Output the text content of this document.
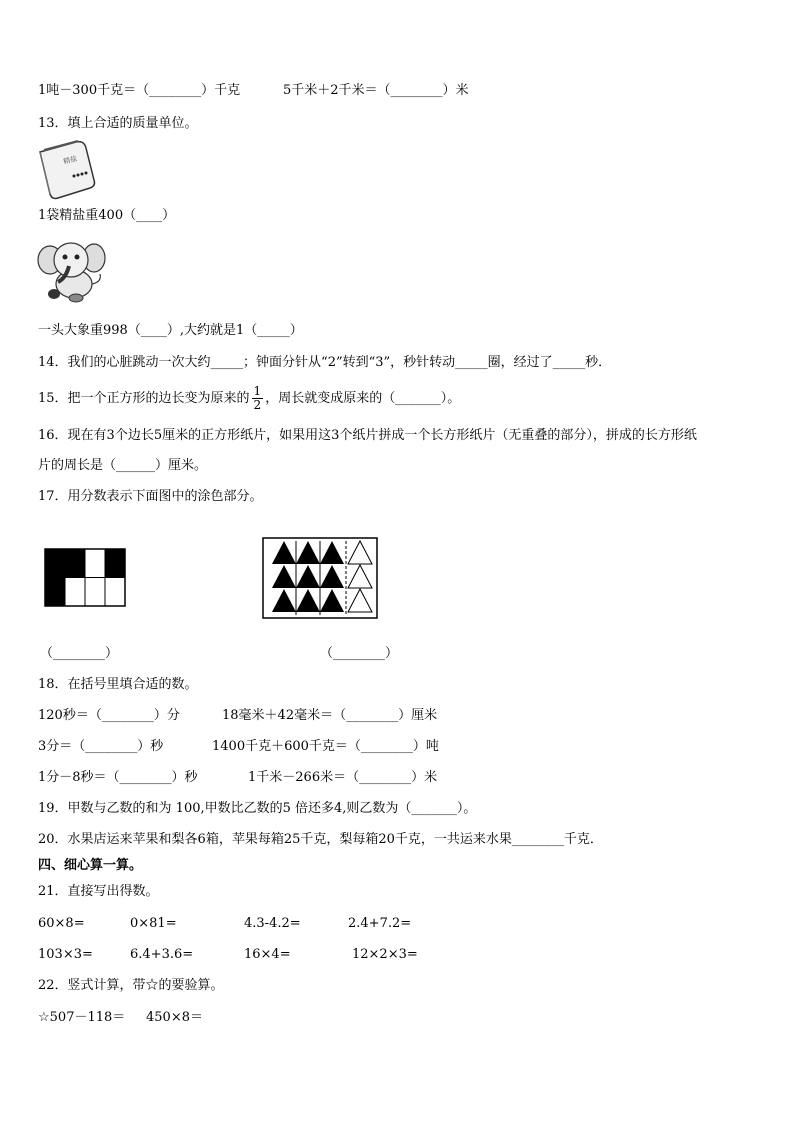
1吨－300千克＝（________）千克	5千米＋2千米＝（________）米
13．填上合适的质量单位。
精盐
1袋精盐重400（____）
一头大象重998（____）,大约就是1（_____）
14．我们的心脏跳动一次大约_____；钟面分针从“2”转到“3”，秒针转动_____圈，经过了_____秒．
15．把一个正方形的边长变为原来的 $\frac{1}{2}$ ，周长就变成原来的（_______）。
16．现在有3个边长5厘米的正方形纸片，如果用这3个纸片拼成一个长方形纸片（无重叠的部分），拼成的长方形纸
片的周长是（______）厘米。
17．用分数表示下面图中的涂色部分。
（________）	（________）
18．在括号里填合适的数。
120秒＝（________）分	18毫米＋42毫米＝（________）厘米
3分＝（________）秒	1400千克＋600千克＝（________）吨
1分－8秒＝（________）秒	1千米－266米＝（________）米
19．甲数与乙数的和为 100,甲数比乙数的5 倍还多4,则乙数为（_______）。
20．水果店运来苹果和梨各6箱，苹果每箱25千克，梨每箱20千克，一共运来水果________千克．
四、细心算一算。
21．直接写出得数。
60×8=	0×81=	4.3-4.2=	2.4+7.2=
103×3=	6.4+3.6=	16×4=	12×2×3=
22．竖式计算，带☆的要验算。
☆507－118＝ 450×8＝
